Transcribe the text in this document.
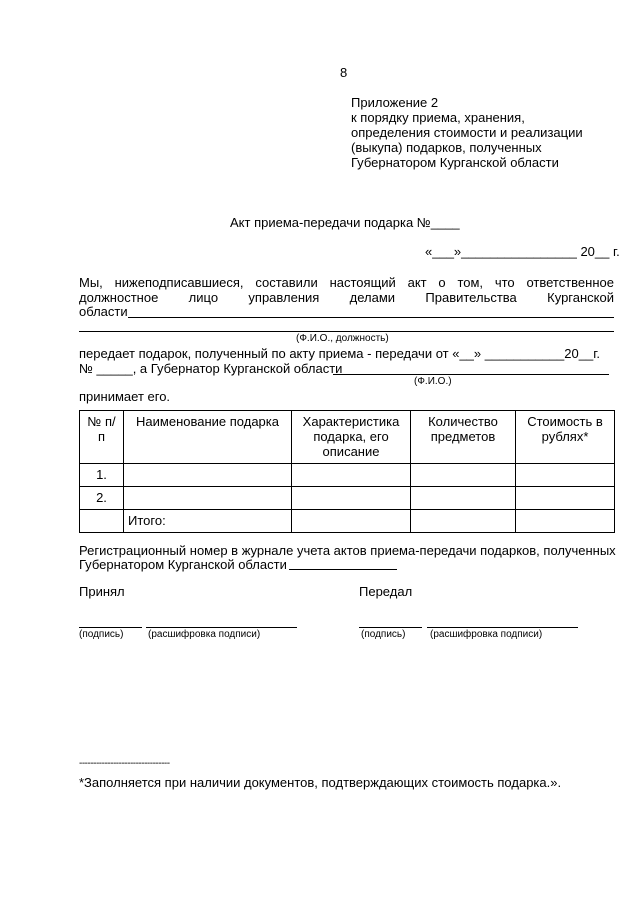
8
Приложение 2
к порядку приема, хранения,
определения стоимости и реализации
(выкупа) подарков, полученных
Губернатором Курганской области
Акт приема-передачи подарка №____
«___»________________ 20__ г.
Мы, нижеподписавшиеся, составили настоящий акт о том, что ответственное
должностное лицо управления делами Правительства Курганской
области
(Ф.И.О., должность)
передает подарок, полученный по акту приема - передачи от «__» ___________20__г.
№ _____, а Губернатор Курганской области
(Ф.И.О.)
принимает его.
№ п/п	Наименование подарка	Характеристика подарка, его описание	Количество предметов	Стоимость в рублях*
1.				
2.				
	Итого:			
Регистрационный номер в журнале учета актов приема-передачи подарков, полученных
Губернатором Курганской области
Принял
(подпись) (расшифровка подписи)
Передал
(подпись) (расшифровка подписи)
--------------------------------
*Заполняется при наличии документов, подтверждающих стоимость подарка.».
